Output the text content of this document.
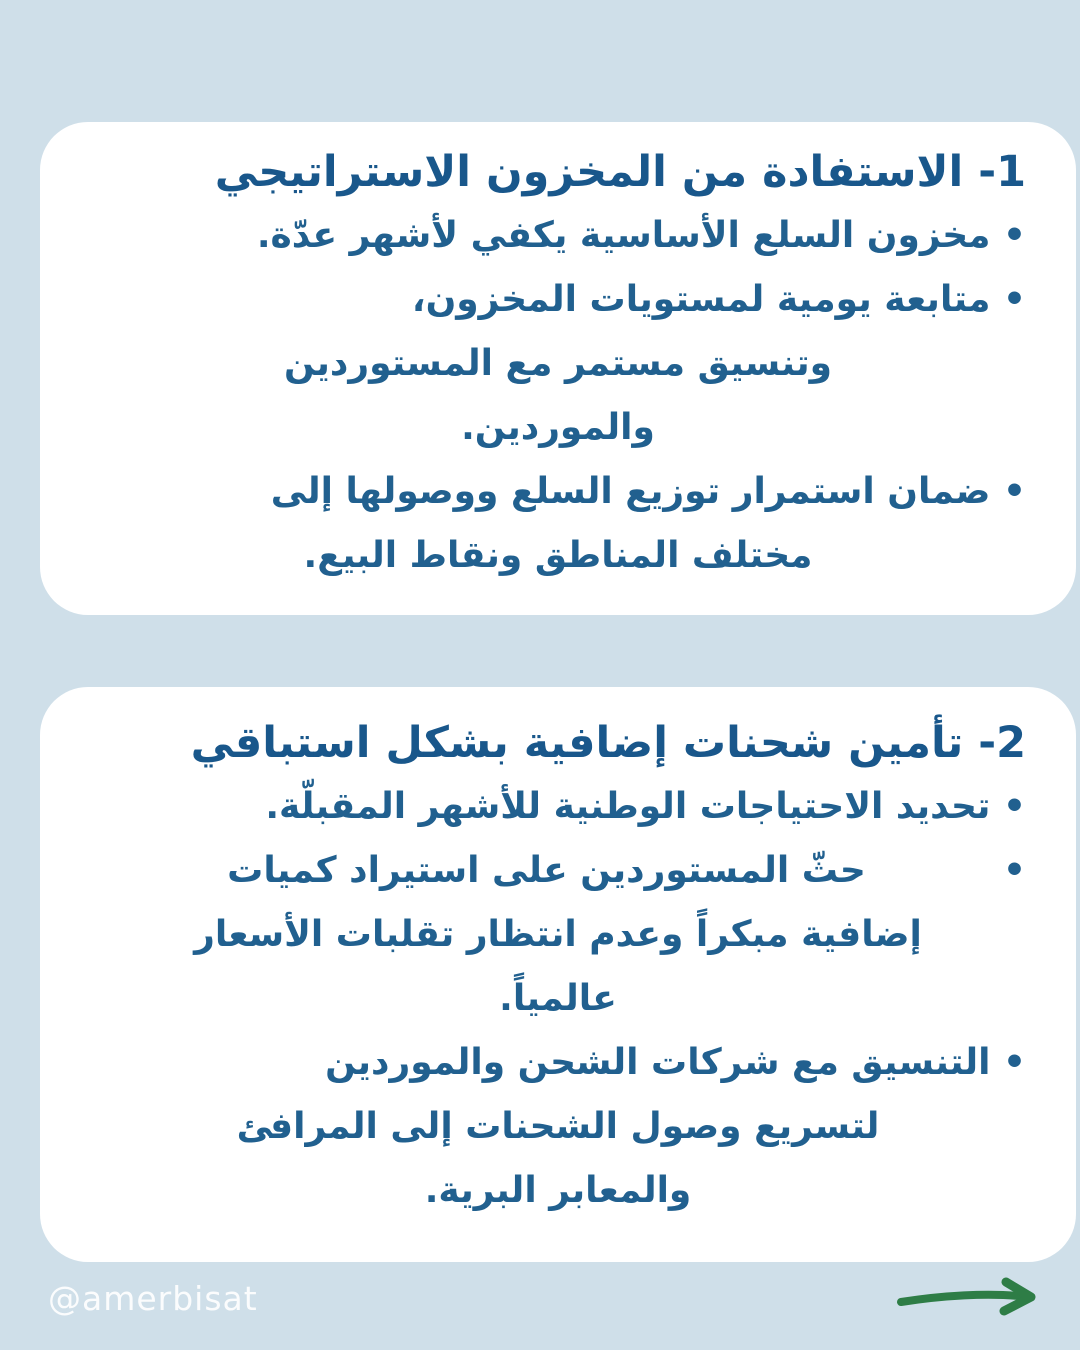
1- الاستفادة من المخزون الاستراتيجي
• مخزون السلع الأساسية يكفي لأشهر عدّة.
• متابعة يومية لمستويات المخزون،
وتنسيق مستمر مع المستوردين
والموردين.
• ضمان استمرار توزيع السلع ووصولها إلى
مختلف المناطق ونقاط البيع.
2- تأمين شحنات إضافية بشكل استباقي
• تحديد الاحتياجات الوطنية للأشهر المقبلّة.
•
حثّ المستوردين على استيراد كميات
إضافية مبكراً وعدم انتظار تقلبات الأسعار
عالمياً.
• التنسيق مع شركات الشحن والموردين
لتسريع وصول الشحنات إلى المرافئ
والمعابر البرية.
@amerbisat
